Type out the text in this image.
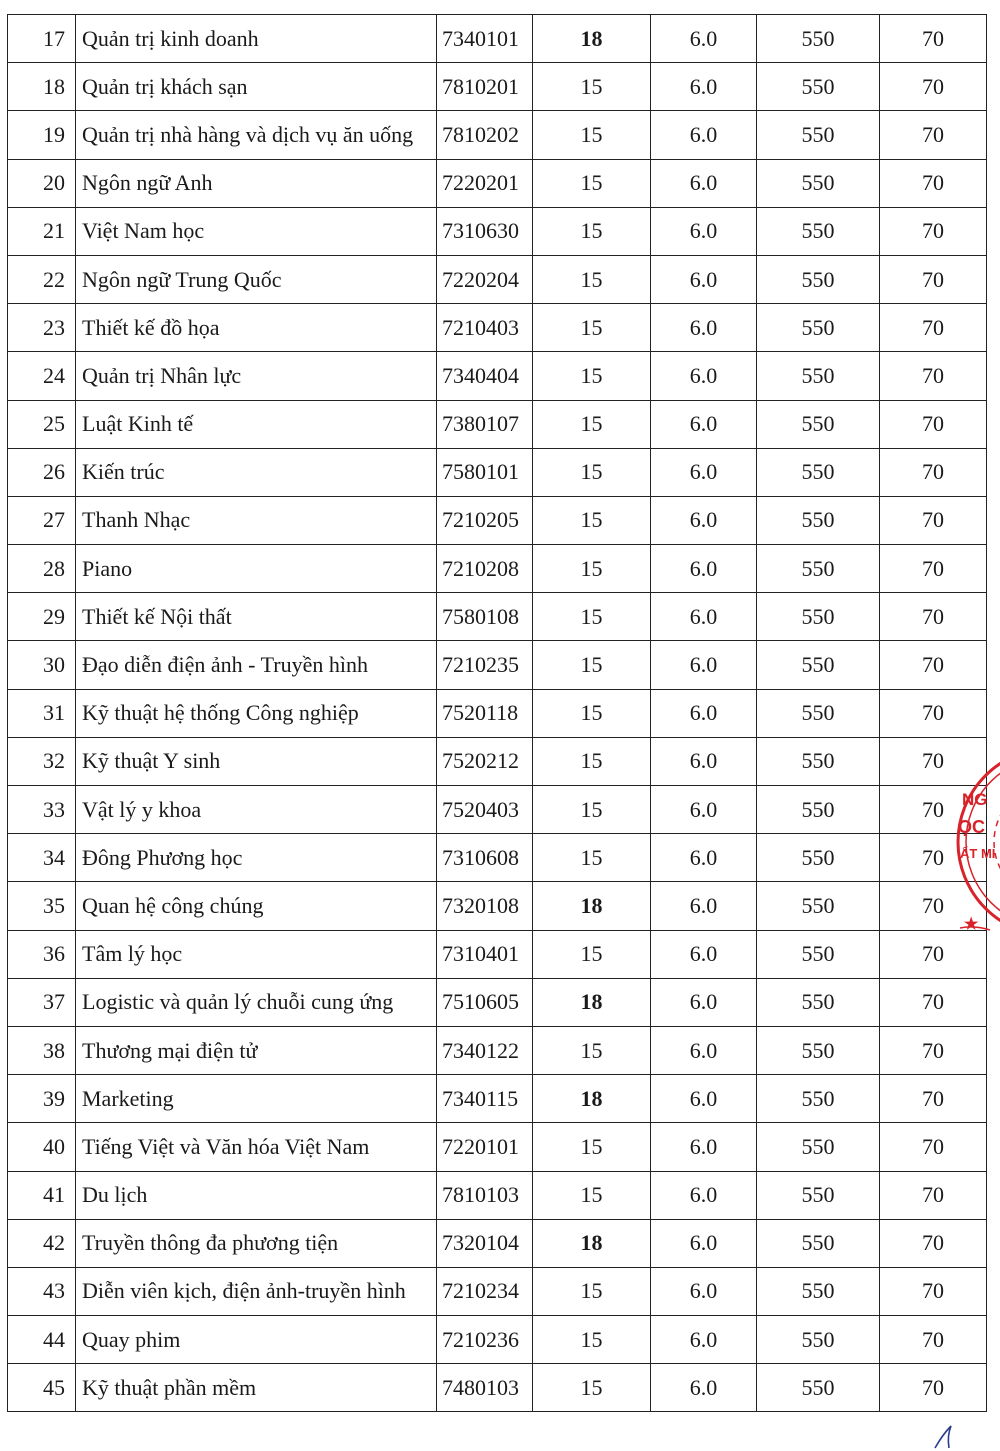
17	Quản trị kinh doanh	7340101	18	6.0	550	70
18	Quản trị khách sạn	7810201	15	6.0	550	70
19	Quản trị nhà hàng và dịch vụ ăn uống	7810202	15	6.0	550	70
20	Ngôn ngữ Anh	7220201	15	6.0	550	70
21	Việt Nam học	7310630	15	6.0	550	70
22	Ngôn ngữ Trung Quốc	7220204	15	6.0	550	70
23	Thiết kế đồ họa	7210403	15	6.0	550	70
24	Quản trị Nhân lực	7340404	15	6.0	550	70
25	Luật Kinh tế	7380107	15	6.0	550	70
26	Kiến trúc	7580101	15	6.0	550	70
27	Thanh Nhạc	7210205	15	6.0	550	70
28	Piano	7210208	15	6.0	550	70
29	Thiết kế Nội thất	7580108	15	6.0	550	70
30	Đạo diễn điện ảnh - Truyền hình	7210235	15	6.0	550	70
31	Kỹ thuật hệ thống Công nghiệp	7520118	15	6.0	550	70
32	Kỹ thuật Y sinh	7520212	15	6.0	550	70
33	Vật lý y khoa	7520403	15	6.0	550	70
34	Đông Phương học	7310608	15	6.0	550	70
35	Quan hệ công chúng	7320108	18	6.0	550	70
36	Tâm lý học	7310401	15	6.0	550	70
37	Logistic và quản lý chuỗi cung ứng	7510605	18	6.0	550	70
38	Thương mại điện tử	7340122	15	6.0	550	70
39	Marketing	7340115	18	6.0	550	70
40	Tiếng Việt và Văn hóa Việt Nam	7220101	15	6.0	550	70
41	Du lịch	7810103	15	6.0	550	70
42	Truyền thông đa phương tiện	7320104	18	6.0	550	70
43	Diễn viên kịch, điện ảnh-truyền hình	7210234	15	6.0	550	70
44	Quay phim	7210236	15	6.0	550	70
45	Kỹ thuật phần mềm	7480103	15	6.0	550	70
NG
ỌC
ẤT MI
★
